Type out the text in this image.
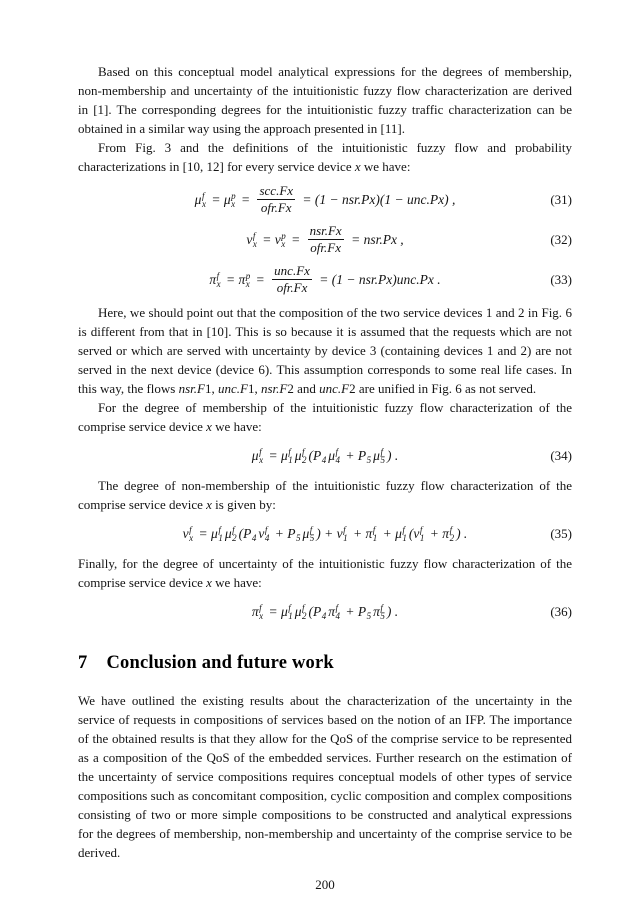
Based on this conceptual model analytical expressions for the degrees of membership, non-membership and uncertainty of the intuitionistic fuzzy flow characterization are derived in [1]. The corresponding degrees for the intuitionistic fuzzy traffic characterization can be obtained in a similar way using the approach presented in [11].

From Fig. 3 and the definitions of the intuitionistic fuzzy flow and probability characterizations in [10, 12] for every service device x we have:

μ f
x = μ p
$x = \frac{\text{scc.Fx}}{\text{ofr.Fx}} = (1 - nsr.Px)(1 - unc.Px)$ ,	(31)
ν f
x = ν p
$x = \frac{\text{nsr.Fx}}{\text{ofr.Fx}} = nsr.Px$ ,	(32)
π f
x = π p
$x = \frac{\text{unc.Fx}}{\text{ofr.Fx}} = (1 - nsr.Px)unc.Px$ .	(33)

Here, we should point out that the composition of the two service devices 1 and 2 in Fig. 6 is different from that in [10]. This is so because it is assumed that the requests which are not served or which are served with uncertainty by device 3 (containing devices 1 and 2) are not served in the next device (device 6). This assumption corresponds to some real life cases. In this way, the flows nsr.F1, unc.F1, nsr.F2 and unc.F2 are unified in Fig. 6 as not served.

For the degree of membership of the intuitionistic fuzzy flow characterization of the comprise service device x we have:

μ f
x = μ f
1 μ f
2 ( P 4 μ f
4 + P 5 μ f
5 ) .	(34)

The degree of non-membership of the intuitionistic fuzzy flow characterization of the comprise service device x is given by:

ν f
x = μ f
1 μ f
2 ( P 4 ν f
4 + P 5 μ f
5 ) + ν f
1 + π f
1 + μ f
1 ( ν f
1 + π f
2 ) .	(35)

Finally, for the degree of uncertainty of the intuitionistic fuzzy flow characterization of the comprise service device x we have:

π f
x = μ f
1 μ f
2 ( P 4 π f
4 + P 5 π f
5 ) .	(36)
7 Conclusion and future work

We have outlined the existing results about the characterization of the uncertainty in the service of requests in compositions of services based on the notion of an IFP. The importance of the obtained results is that they allow for the QoS of the comprise service to be represented as a composition of the QoS of the embedded services. Further research on the estimation of the uncertainty of service compositions requires conceptual models of other types of service compositions such as concomitant composition, cyclic composition and complex compositions consisting of two or more simple compositions to be constructed and analytical expressions for the degrees of membership, non-membership and uncertainty of the comprise service to be derived.

200
